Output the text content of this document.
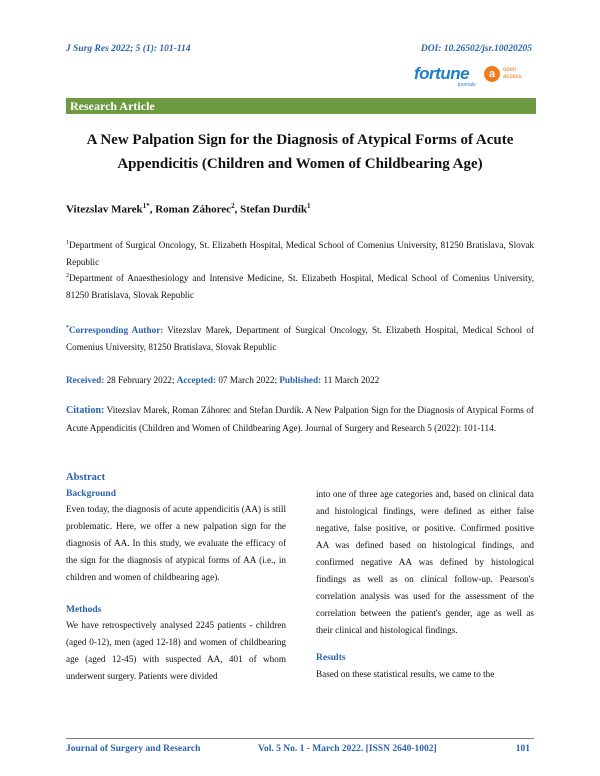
J Surg Res 2022; 5 (1): 101-114	DOI: 10.26502/jsr.10020205
fortune
journals
a	open
access
Research Article
A New Palpation Sign for the Diagnosis of Atypical Forms of Acute
Appendicitis (Children and Women of Childbearing Age)
Vitezslav Marek$^{1*}$, Roman Záhorec$^2$, Stefan Durdík$^1$
$^1$Department of Surgical Oncology, St. Elizabeth Hospital, Medical School of Comenius University, 81250 Bratislava, Slovak Republic
$^2$Department of Anaesthesiology and Intensive Medicine, St. Elizabeth Hospital, Medical School of Comenius University, 81250 Bratislava, Slovak Republic
*Corresponding Author: Vitezslav Marek, Department of Surgical Oncology, St. Elizabeth Hospital, Medical School of Comenius University, 81250 Bratislava, Slovak Republic
Received: 28 February 2022; Accepted: 07 March 2022; Published: 11 March 2022
Citation: Vitezslav Marek, Roman Záhorec and Stefan Durdík. A New Palpation Sign for the Diagnosis of Atypical Forms of Acute Appendicitis (Children and Women of Childbearing Age). Journal of Surgery and Research 5 (2022): 101-114.
Abstract
Background
Even today, the diagnosis of acute appendicitis (AA) is still problematic. Here, we offer a new palpation sign for the diagnosis of AA. In this study, we evaluate the efficacy of the sign for the diagnosis of atypical forms of AA (i.e., in children and women of childbearing age).
Methods
We have retrospectively analysed 2245 patients - children (aged 0-12), men (aged 12-18) and women of childbearing age (aged 12-45) with suspected AA, 401 of whom underwent surgery. Patients were divided
into one of three age categories and, based on clinical data and histological findings, were defined as either false negative, false positive, or positive. Confirmed positive AA was defined based on histological findings, and confirmed negative AA was defined by histological findings as well as on clinical follow-up. Pearson's correlation analysis was used for the assessment of the correlation between the patient's gender, age as well as their clinical and histological findings.
Results
Based on these statistical results, we came to the
Journal of Surgery and Research	Vol. 5 No. 1 - March 2022. [ISSN 2640-1002]	101
